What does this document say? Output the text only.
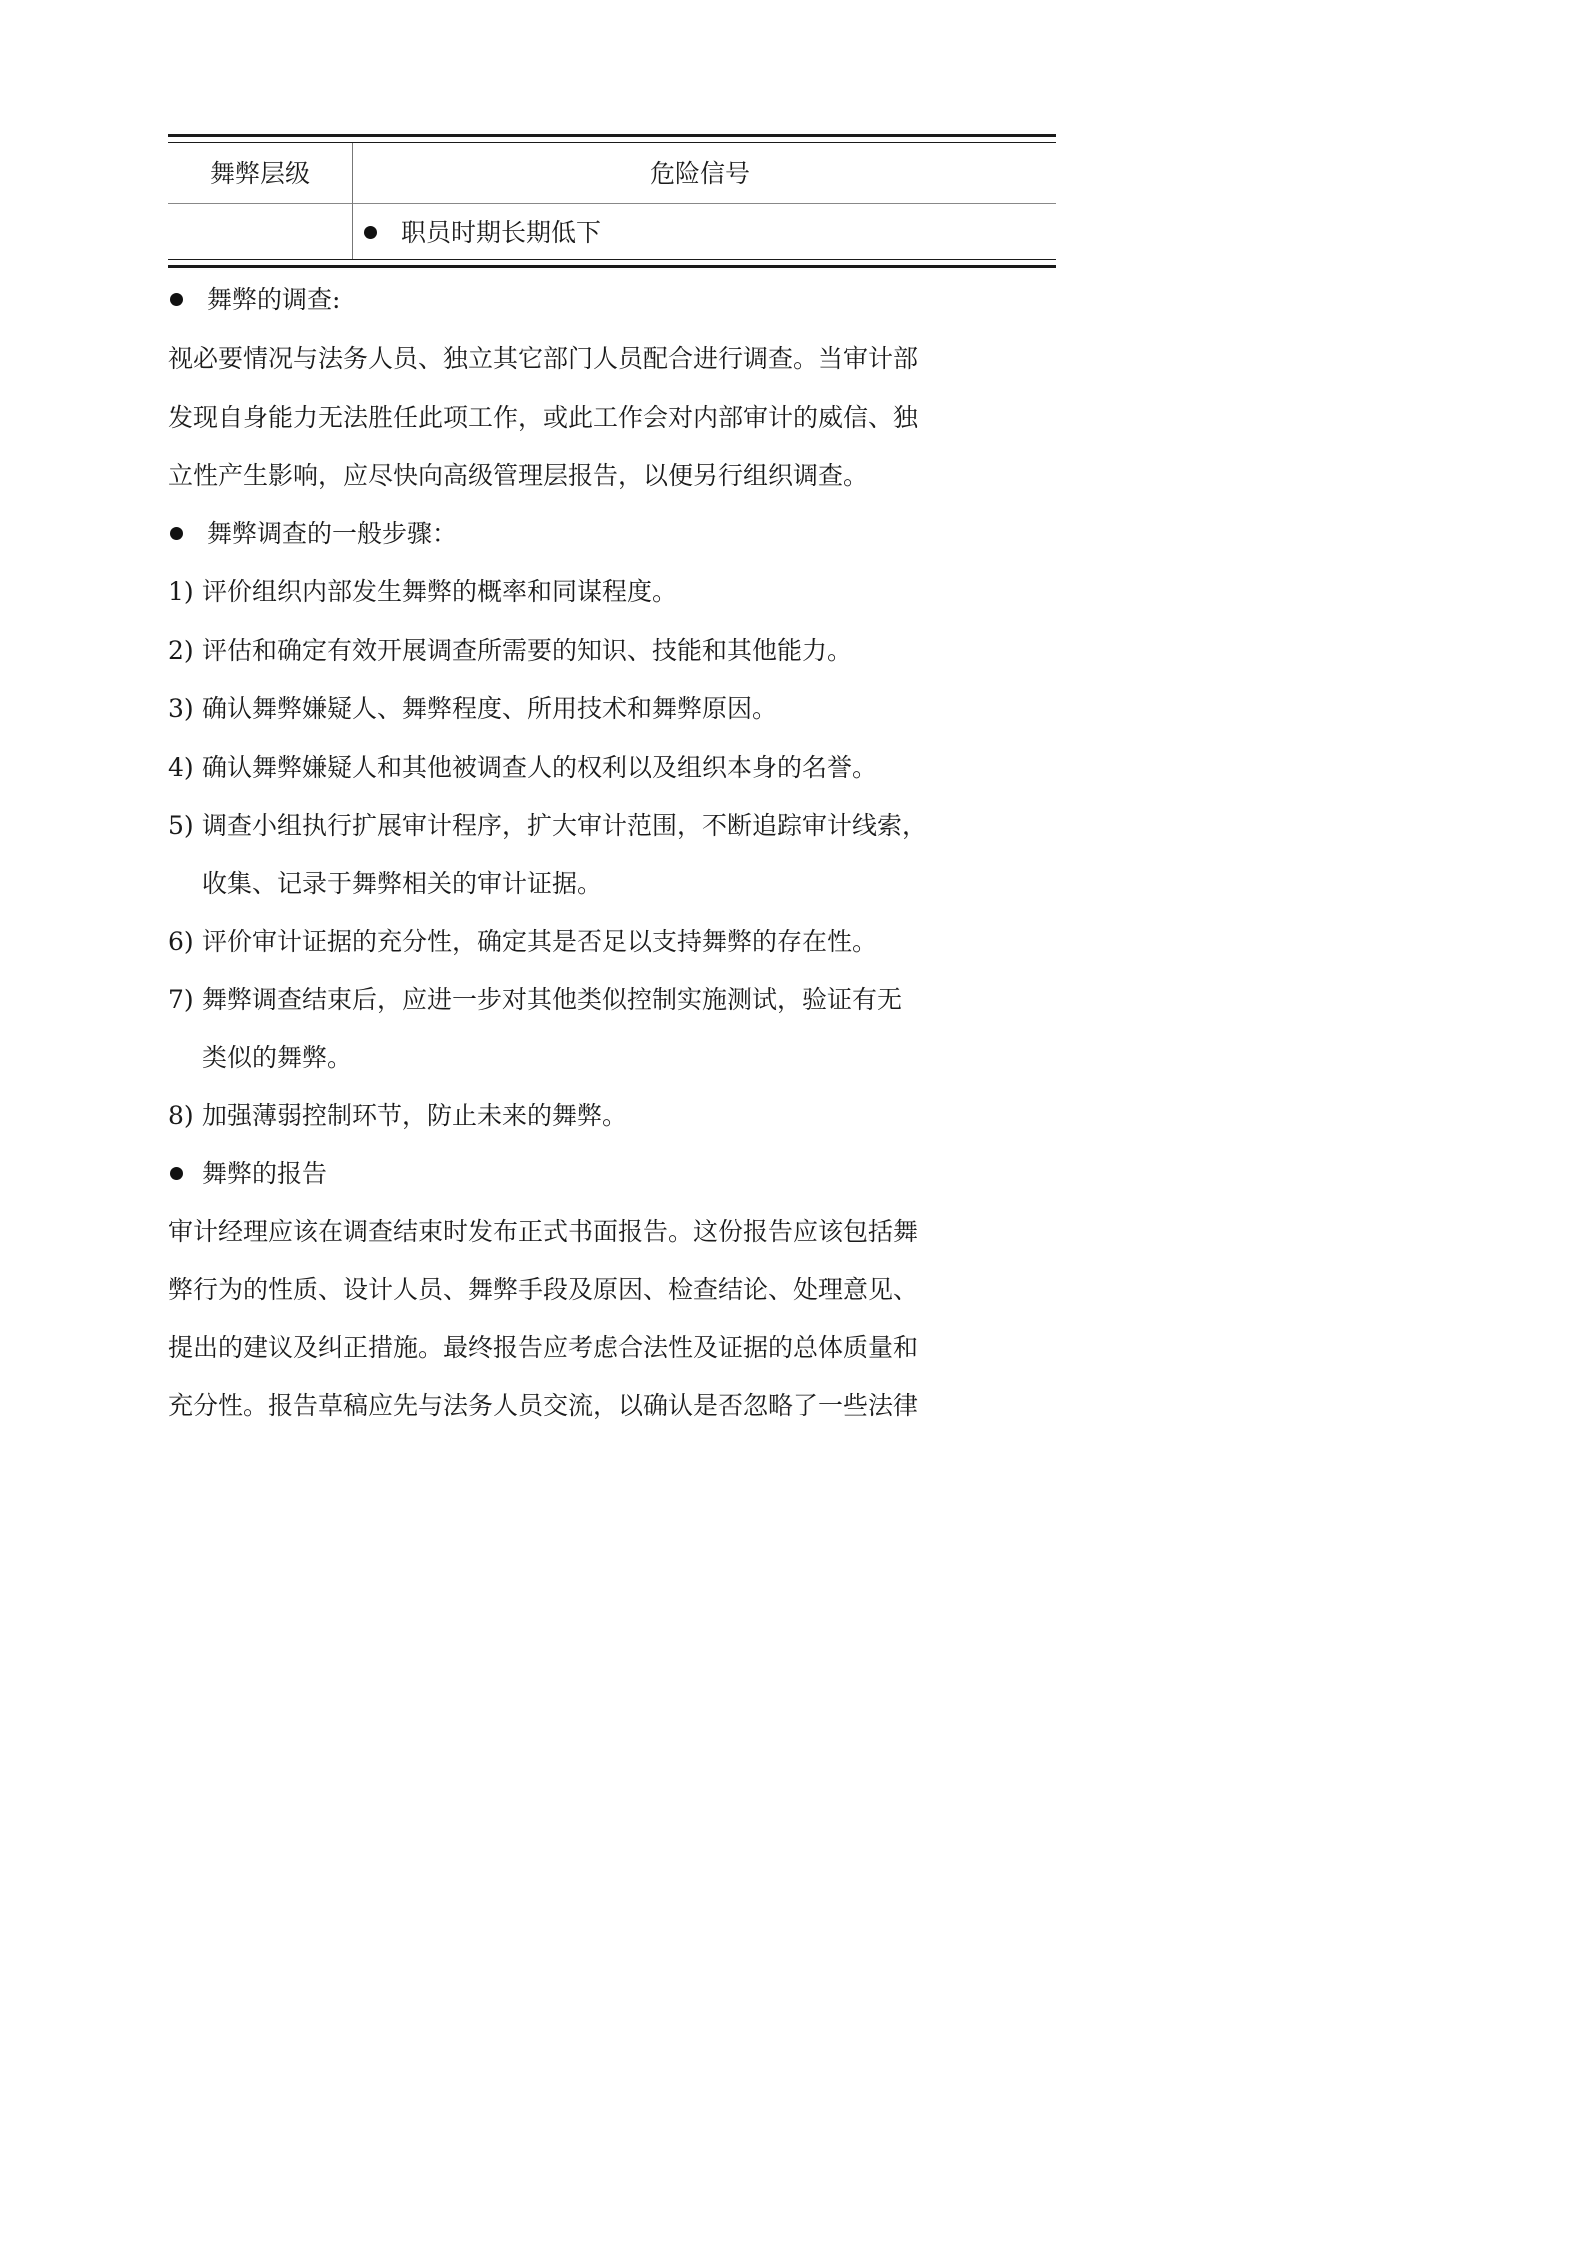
舞弊层级	危险信号
职员时期长期低下
舞弊的调查:
视必要情况与法务人员、独立其它部门人员配合进行调查。当审计部
发现自身能力无法胜任此项工作，或此工作会对内部审计的威信、独
立性产生影响，应尽快向高级管理层报告，以便另行组织调查。
舞弊调查的一般步骤：
1) 评价组织内部发生舞弊的概率和同谋程度。
2) 评估和确定有效开展调查所需要的知识、技能和其他能力。
3) 确认舞弊嫌疑人、舞弊程度、所用技术和舞弊原因。
4) 确认舞弊嫌疑人和其他被调查人的权利以及组织本身的名誉。
5) 调查小组执行扩展审计程序，扩大审计范围，不断追踪审计线索，
收集、记录于舞弊相关的审计证据。
6) 评价审计证据的充分性，确定其是否足以支持舞弊的存在性。
7) 舞弊调查结束后，应进一步对其他类似控制实施测试，验证有无
类似的舞弊。
8) 加强薄弱控制环节，防止未来的舞弊。
舞弊的报告
审计经理应该在调查结束时发布正式书面报告。这份报告应该包括舞
弊行为的性质、设计人员、舞弊手段及原因、检查结论、处理意见、
提出的建议及纠正措施。最终报告应考虑合法性及证据的总体质量和
充分性。报告草稿应先与法务人员交流，以确认是否忽略了一些法律
